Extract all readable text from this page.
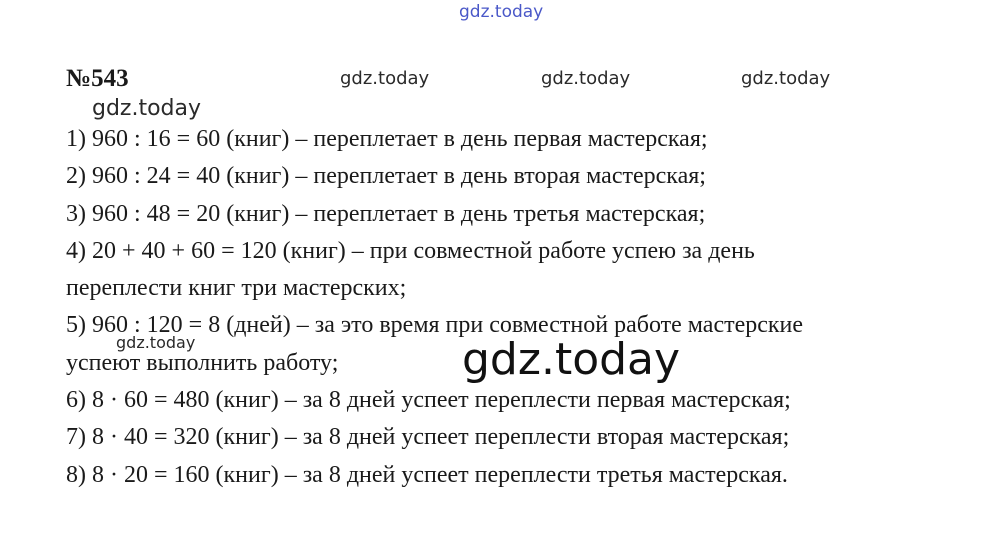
gdz.today
№543	gdz.today	gdz.today	gdz.today
gdz.today
1) 960 : 16 = 60 (книг) – переплетает в день первая мастерская;
2) 960 : 24 = 40 (книг) – переплетает в день вторая мастерская;
3) 960 : 48 = 20 (книг) – переплетает в день третья мастерская;
4) 20 + 40 + 60 = 120 (книг) – при совместной работе успею за день
переплести книг три мастерских;
5) 960 : 120 = 8 (дней) – за это время при совместной работе мастерские
успеют выполнить работу;
6) 8 · 60 = 480 (книг) – за 8 дней успеет переплести первая мастерская;
7) 8 · 40 = 320 (книг) – за 8 дней успеет переплести вторая мастерская;
8) 8 · 20 = 160 (книг) – за 8 дней успеет переплести третья мастерская.
gdz.today	gdz.today
